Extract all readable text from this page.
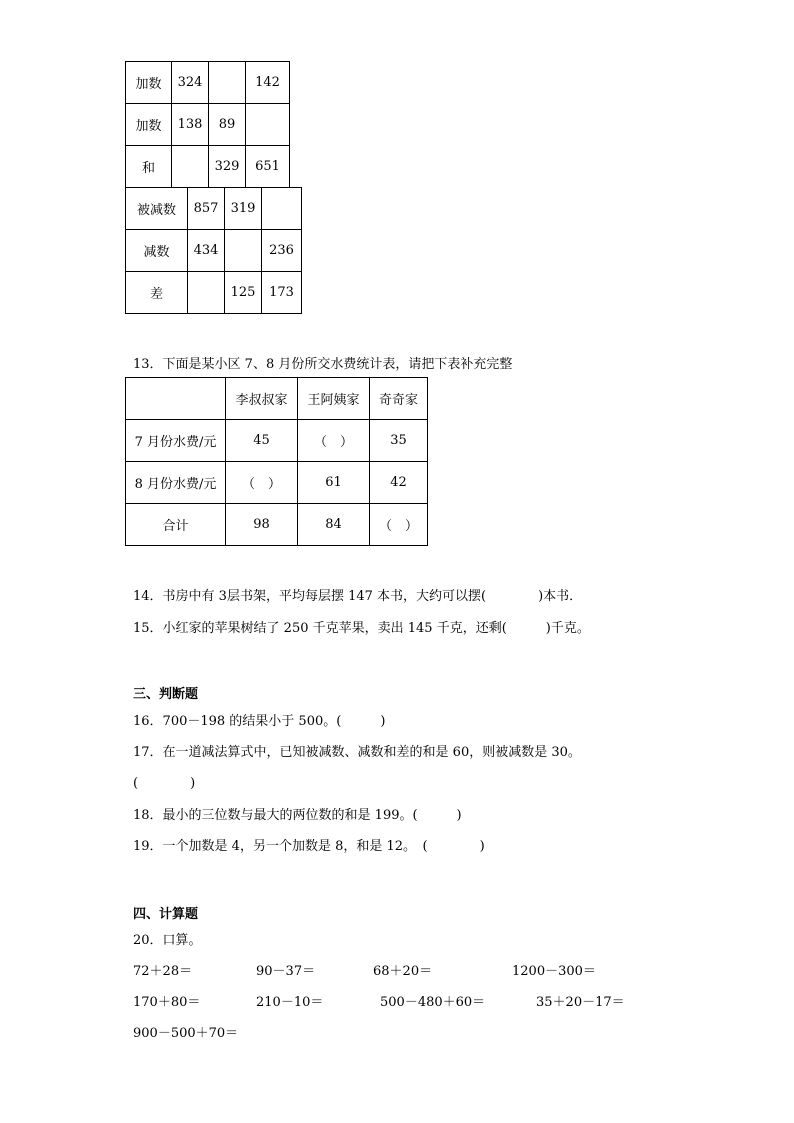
加数	324		142
加数	138	89	
和		329	651
被减数	857	319	
减数	434		236
差		125	173
13．下面是某小区 7、8 月份所交水费统计表，请把下表补充完整
	李叔叔家	王阿姨家	奇奇家
7 月份水费/元	45	（　）	35
8 月份水费/元	（　）	61	42
合计	98	84	（　）
14．书房中有 3层书架，平均每层摆 147 本书，大约可以摆(　　　　)本书．
15．小红家的苹果树结了 250 千克苹果，卖出 145 千克，还剩(　　　)千克。
三、判断题
16．700－198 的结果小于 500。(　　　)
17．在一道减法算式中，已知被减数、减数和差的和是 60，则被减数是 30。
(　　　　)
18．最小的三位数与最大的两位数的和是 199。(　　　)
19．一个加数是 4，另一个加数是 8，和是 12。　(　　　　)
四、计算题
20．口算。
72＋28＝	90－37＝	68＋20＝	1200－300＝
170＋80＝	210－10＝	500－480＋60＝	35＋20－17＝
900－500＋70＝
